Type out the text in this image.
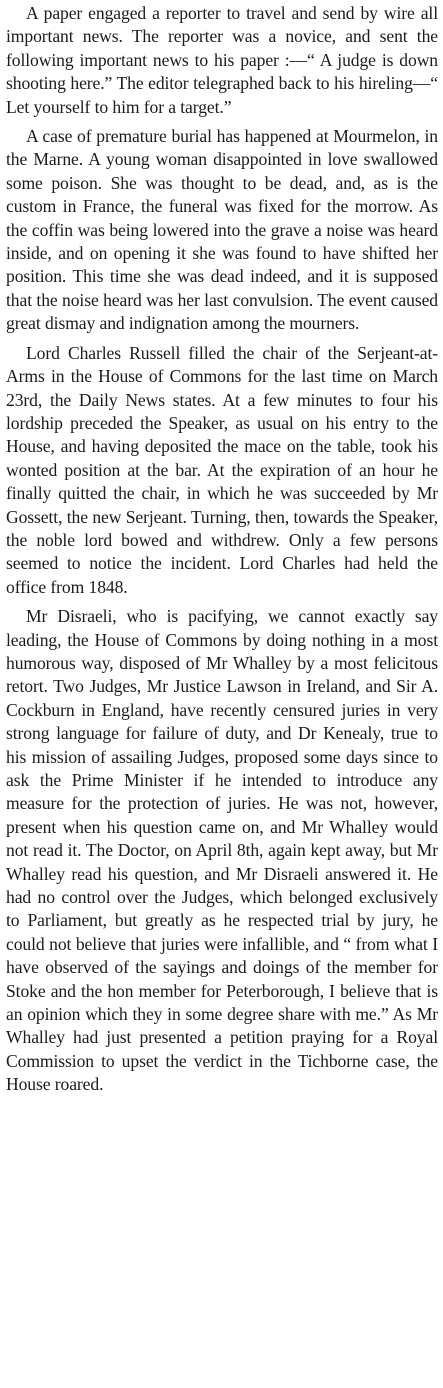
A paper engaged a reporter to travel and send by wire all important news. The reporter was a novice, and sent the following important news to his paper :—“ A judge is down shooting here.” The editor telegraphed back to his hireling—“ Let yourself to him for a target.”

A case of premature burial has happened at Mourmelon, in the Marne. A young woman disappointed in love swallowed some poison. She was thought to be dead, and, as is the custom in France, the funeral was fixed for the morrow. As the coffin was being lowered into the grave a noise was heard inside, and on opening it she was found to have shifted her position. This time she was dead indeed, and it is supposed that the noise heard was her last convulsion. The event caused great dismay and indignation among the mourners.

Lord Charles Russell filled the chair of the Serjeant-at-Arms in the House of Commons for the last time on March 23rd, the Daily News states. At a few minutes to four his lordship preceded the Speaker, as usual on his entry to the House, and having deposited the mace on the table, took his wonted position at the bar. At the expiration of an hour he finally quitted the chair, in which he was succeeded by Mr Gossett, the new Serjeant. Turning, then, towards the Speaker, the noble lord bowed and withdrew. Only a few persons seemed to notice the incident. Lord Charles had held the office from 1848.

Mr Disraeli, who is pacifying, we cannot exactly say leading, the House of Commons by doing nothing in a most humorous way, disposed of Mr Whalley by a most felicitous retort. Two Judges, Mr Justice Lawson in Ireland, and Sir A. Cockburn in England, have recently censured juries in very strong language for failure of duty, and Dr Kenealy, true to his mission of assailing Judges, proposed some days since to ask the Prime Minister if he intended to introduce any measure for the protection of juries. He was not, however, present when his question came on, and Mr Whalley would not read it. The Doctor, on April 8th, again kept away, but Mr Whalley read his question, and Mr Disraeli answered it. He had no control over the Judges, which belonged exclusively to Parliament, but greatly as he respected trial by jury, he could not believe that juries were infallible, and “ from what I have observed of the sayings and doings of the member for Stoke and the hon member for Peterborough, I believe that is an opinion which they in some degree share with me.” As Mr Whalley had just presented a petition praying for a Royal Commission to upset the verdict in the Tichborne case, the House roared.
